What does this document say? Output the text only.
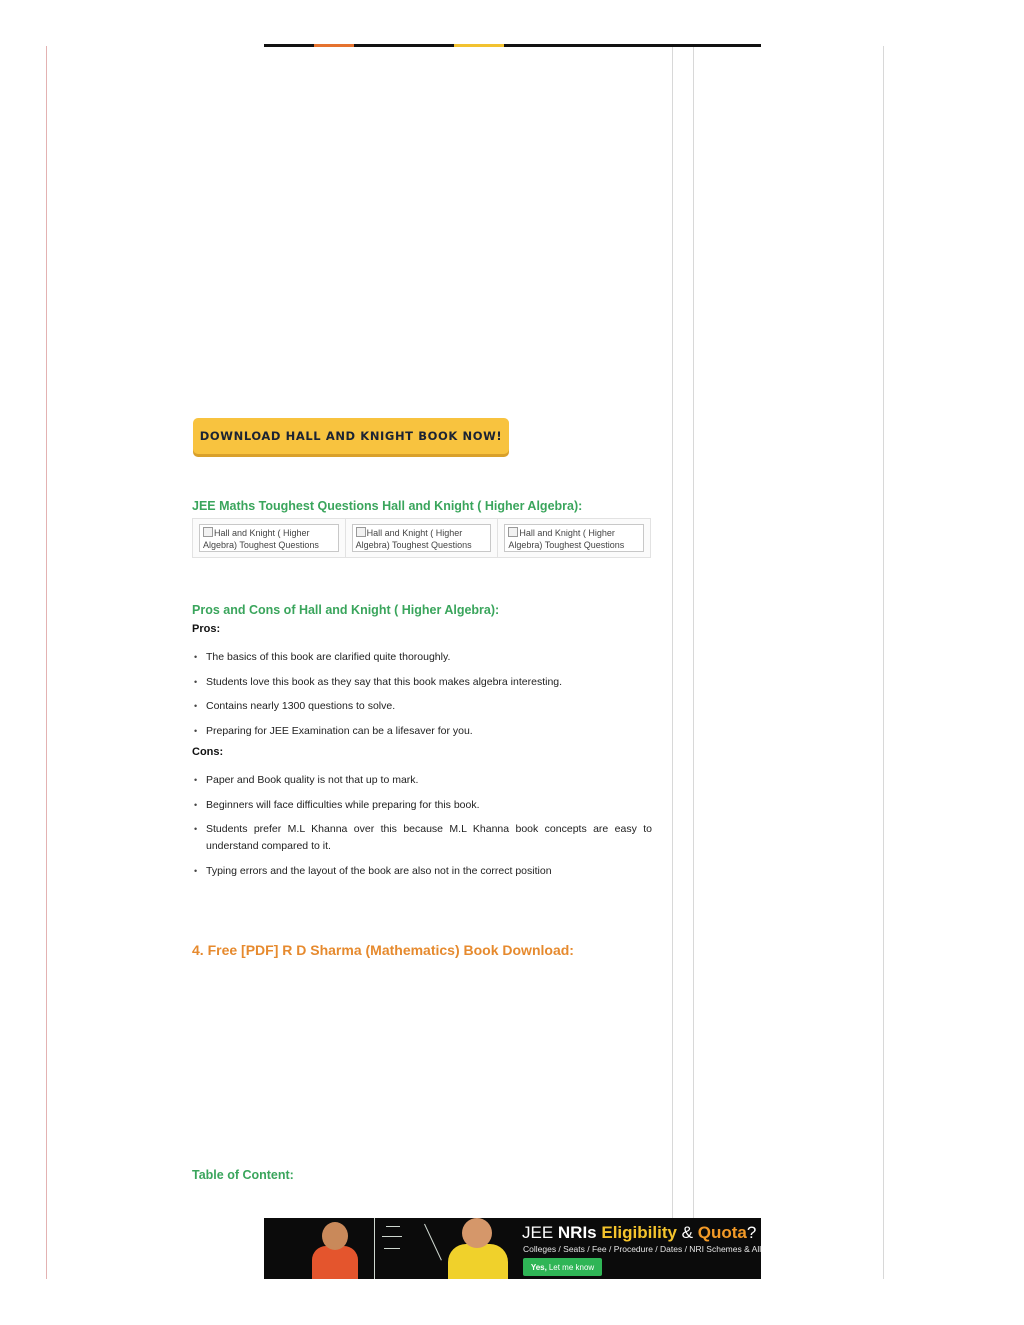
DOWNLOAD HALL AND KNIGHT BOOK NOW!
JEE Maths Toughest Questions Hall and Knight ( Higher Algebra):
Hall and Knight ( Higher Algebra) Toughest Questions
Hall and Knight ( Higher Algebra) Toughest Questions
Hall and Knight ( Higher Algebra) Toughest Questions
Pros and Cons of Hall and Knight ( Higher Algebra):
Pros:
• The basics of this book are clarified quite thoroughly.
• Students love this book as they say that this book makes algebra interesting.
• Contains nearly 1300 questions to solve.
• Preparing for JEE Examination can be a lifesaver for you.
Cons:
• Paper and Book quality is not that up to mark.
• Beginners will face difficulties while preparing for this book.
• Students prefer M.L Khanna over this because M.L Khanna book concepts are easy to understand compared to it.
• Typing errors and the layout of the book are also not in the correct position
4. Free [PDF] R D Sharma (Mathematics) Book Download:
Table of Content:
JEE NRIs Eligibility & Quota?
Colleges / Seats / Fee / Procedure / Dates / NRI Schemes & All
Yes, Let me know
